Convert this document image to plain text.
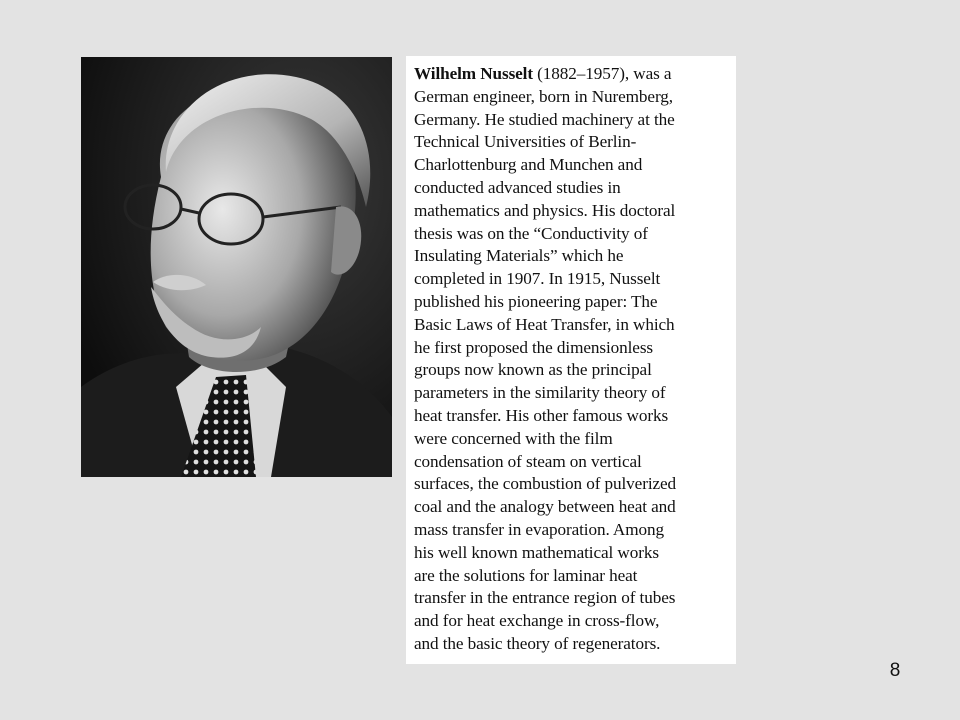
Wilhelm Nusselt (1882–1957), was a
German engineer, born in Nuremberg,
Germany. He studied machinery at the
Technical Universities of Berlin-
Charlottenburg and Munchen and
conducted advanced studies in
mathematics and physics. His doctoral
thesis was on the “Conductivity of
Insulating Materials” which he
completed in 1907. In 1915, Nusselt
published his pioneering paper: The
Basic Laws of Heat Transfer, in which
he first proposed the dimensionless
groups now known as the principal
parameters in the similarity theory of
heat transfer. His other famous works
were concerned with the film
condensation of steam on vertical
surfaces, the combustion of pulverized
coal and the analogy between heat and
mass transfer in evaporation. Among
his well known mathematical works
are the solutions for laminar heat
transfer in the entrance region of tubes
and for heat exchange in cross-flow,
and the basic theory of regenerators.

8
